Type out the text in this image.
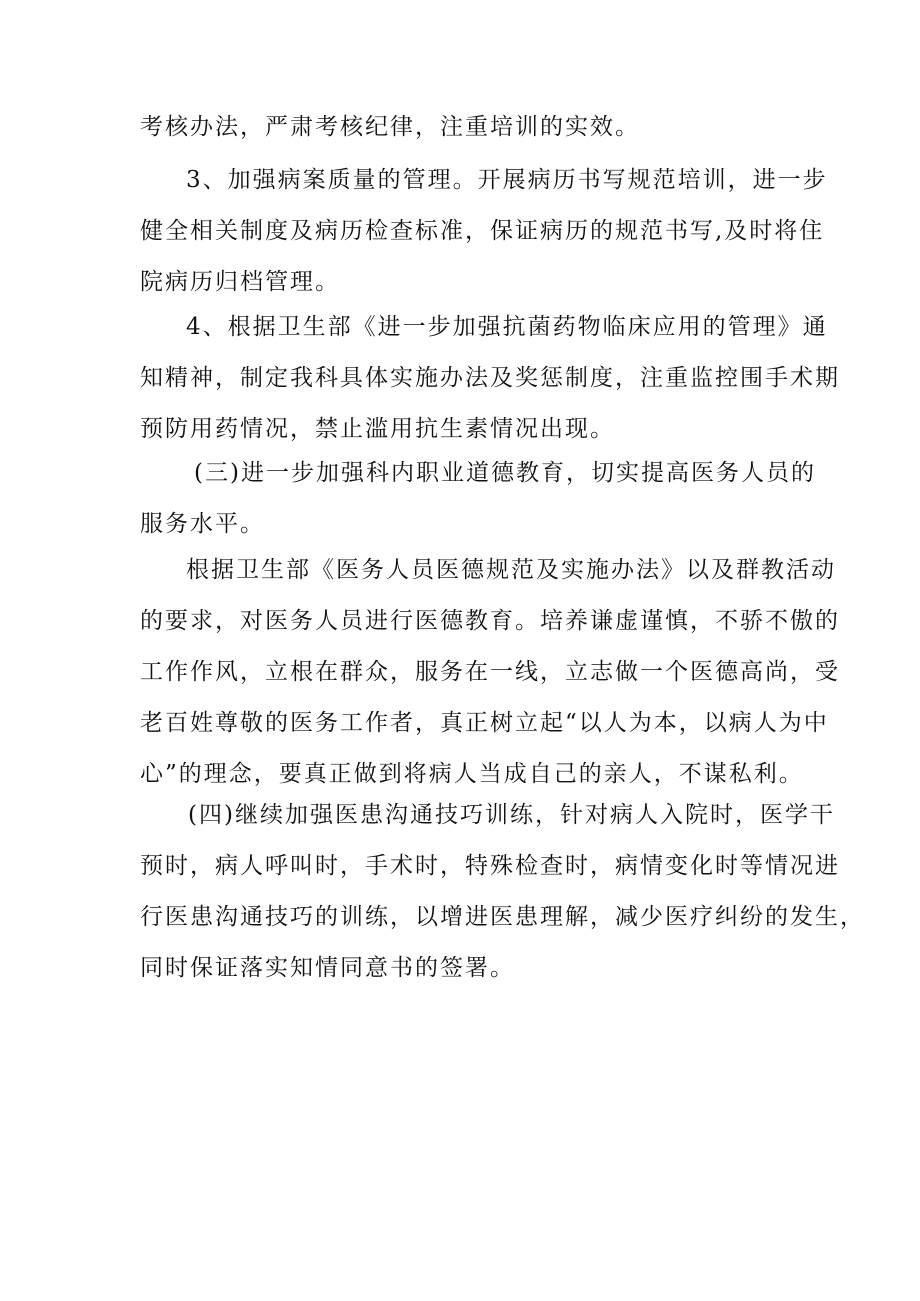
考核办法，严肃考核纪律，注重培训的实效。

3、加强病案质量的管理。开展病历书写规范培训，进一步
健全相关制度及病历检查标准，保证病历的规范书写,及时将住
院病历归档管理。

4、根据卫生部《进一步加强抗菌药物临床应用的管理》通
知精神，制定我科具体实施办法及奖惩制度，注重监控围手术期
预防用药情况，禁止滥用抗生素情况出现。

(三)进一步加强科内职业道德教育，切实提高医务人员的
服务水平。

根据卫生部《医务人员医德规范及实施办法》以及群教活动
的要求，对医务人员进行医德教育。培养谦虚谨慎，不骄不傲的
工作作风，立根在群众，服务在一线，立志做一个医德高尚，受
老百姓尊敬的医务工作者，真正树立起“以人为本，以病人为中
心”的理念，要真正做到将病人当成自己的亲人，不谋私利。

(四)继续加强医患沟通技巧训练，针对病人入院时，医学干
预时，病人呼叫时，手术时，特殊检查时，病情变化时等情况进
行医患沟通技巧的训练，以增进医患理解，减少医疗纠纷的发生，
同时保证落实知情同意书的签署。
